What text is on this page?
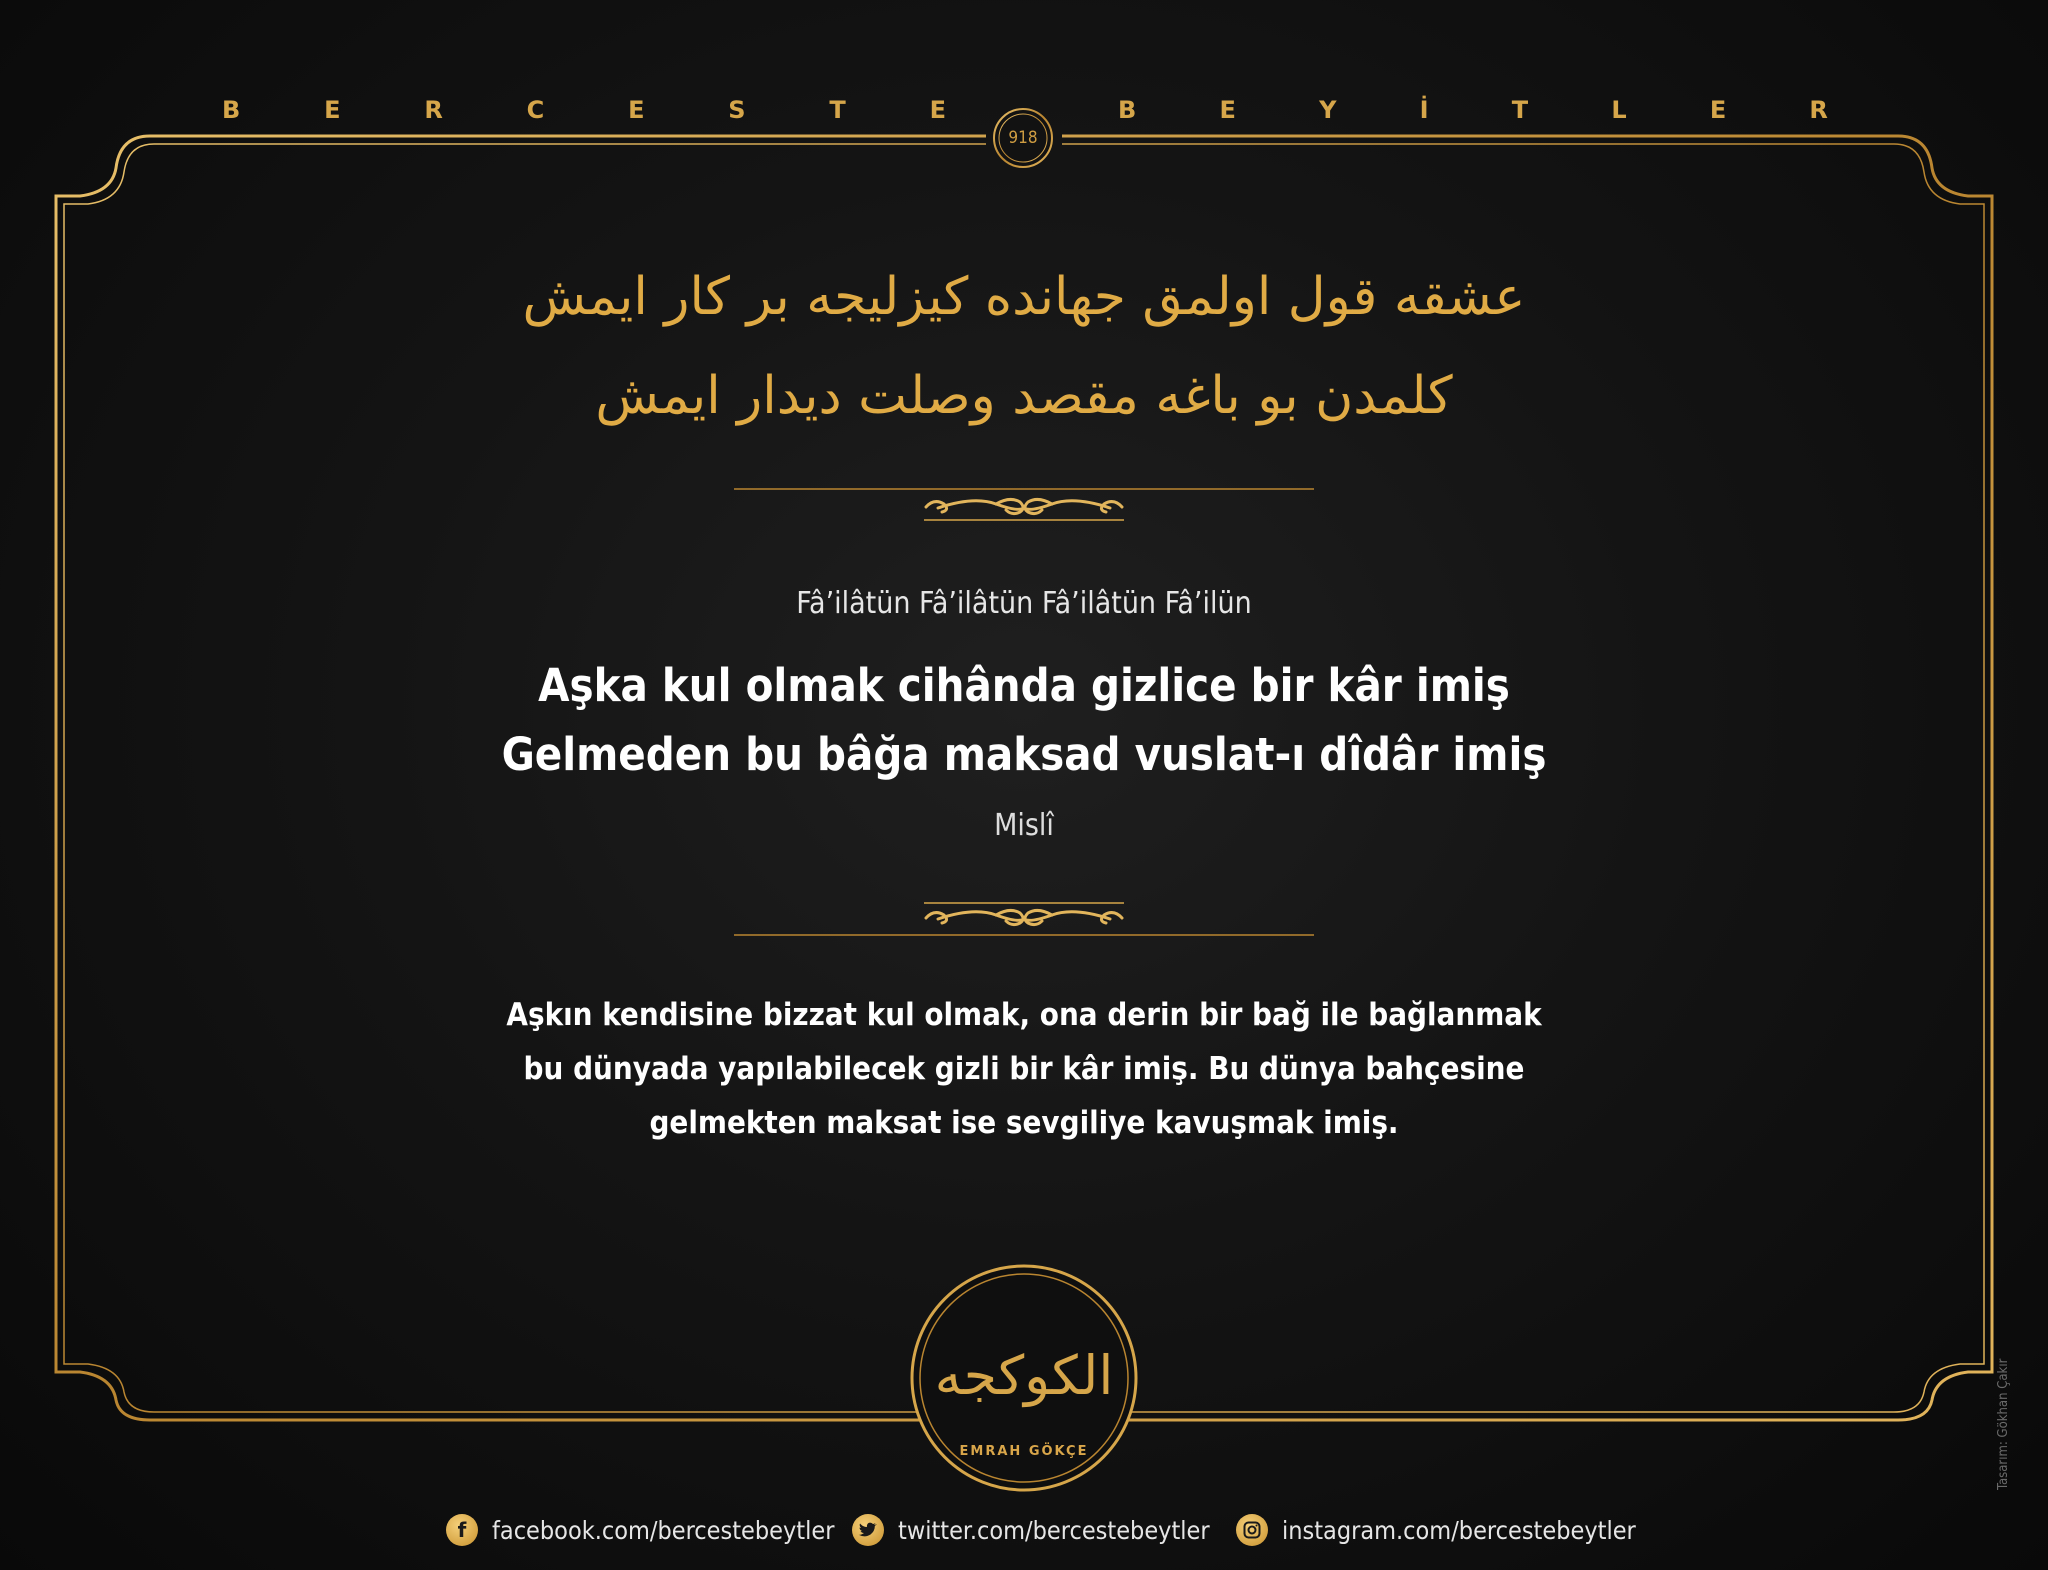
B	E	R	C	E	S	T	E	B	E	Y	İ	T	L	E	R
918
عشقه قول اولمق جهانده كيزليجه بر كار ايمش
كلمدن بو باغه مقصد وصلت ديدار ايمش
Fâ’ilâtün Fâ’ilâtün Fâ’ilâtün Fâ’ilün
Aşka kul olmak cihânda gizlice bir kâr imiş
Gelmeden bu bâğa maksad vuslat-ı dîdâr imiş
Mislî
Aşkın kendisine bizzat kul olmak, ona derin bir bağ ile bağlanmak
bu dünyada yapılabilecek gizli bir kâr imiş. Bu dünya bahçesine
gelmekten maksat ise sevgiliye kavuşmak imiş.
الكوكجه
EMRAH GÖKÇE	Tasarım: Gökhan Çakır
f	facebook.com/bercestebeytler	twitter.com/bercestebeytler	instagram.com/bercestebeytler
